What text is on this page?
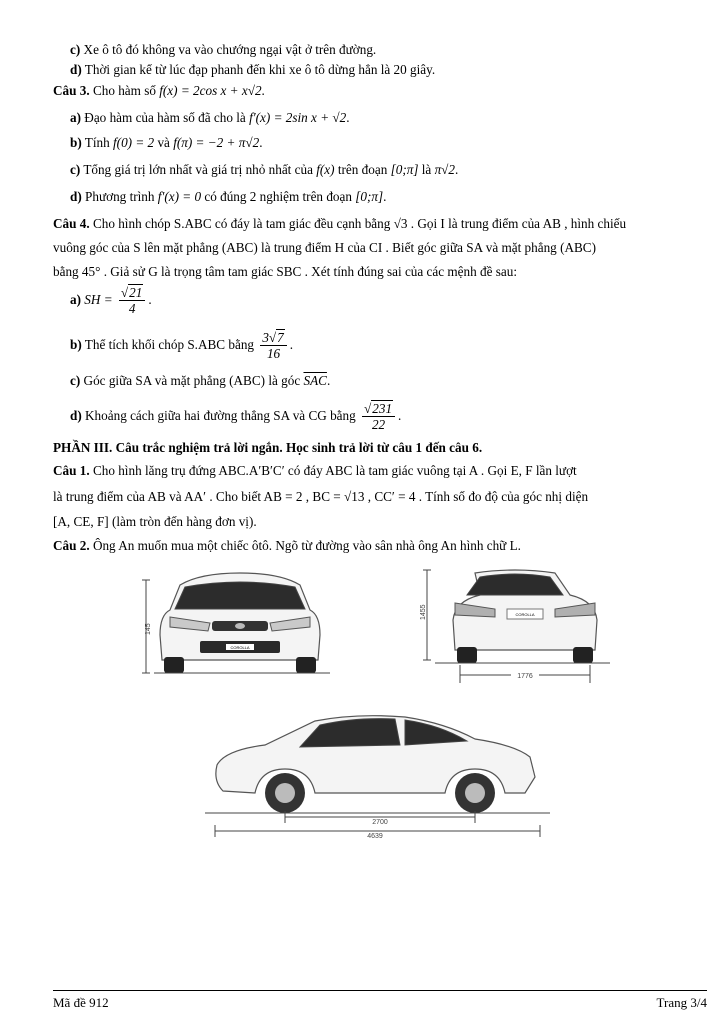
c) Xe ô tô đó không va vào chướng ngại vật ở trên đường.
d) Thời gian kể từ lúc đạp phanh đến khi xe ô tô dừng hẳn là 20 giây.
Câu 3. Cho hàm số f(x) = 2cos x + x√2.
a) Đạo hàm của hàm số đã cho là f′(x) = 2sin x + √2.
b) Tính f(0) = 2 và f(π) = −2 + π√2.
c) Tổng giá trị lớn nhất và giá trị nhỏ nhất của f(x) trên đoạn [0;π] là π√2.
d) Phương trình f′(x) = 0 có đúng 2 nghiệm trên đoạn [0;π].
Câu 4. Cho hình chóp S.ABC có đáy là tam giác đều cạnh bằng √3 . Gọi I là trung điểm của AB , hình chiếu
vuông góc của S lên mặt phẳng (ABC) là trung điểm H của CI . Biết góc giữa SA và mặt phẳng (ABC)
bằng 45° . Giả sử G là trọng tâm tam giác SBC . Xét tính đúng sai của các mệnh đề sau:
a) SH = $\frac{√21}{4}$ .
b) Thể tích khối chóp S.ABC bằng $\frac{3√7}{16}$ .
c) Góc giữa SA và mặt phẳng (ABC) là góc $\overline{SAC}$.
d) Khoảng cách giữa hai đường thẳng SA và CG bằng $\frac{√231}{22}$ .
PHẦN III. Câu trắc nghiệm trả lời ngắn. Học sinh trả lời từ câu 1 đến câu 6.
Câu 1. Cho hình lăng trụ đứng ABC.A′B′C′ có đáy ABC là tam giác vuông tại A . Gọi E, F lần lượt
là trung điểm của AB và AA′ . Cho biết AB = 2 , BC = √13 , CC′ = 4 . Tính số đo độ của góc nhị diện
[A, CE, F] (làm tròn đến hàng đơn vị).
Câu 2. Ông An muốn mua một chiếc ôtô. Ngõ từ đường vào sân nhà ông An hình chữ L.
145
COROLLA
1455	COROLLA
1776
2700
4639
Mã đề 912	Trang 3/4
